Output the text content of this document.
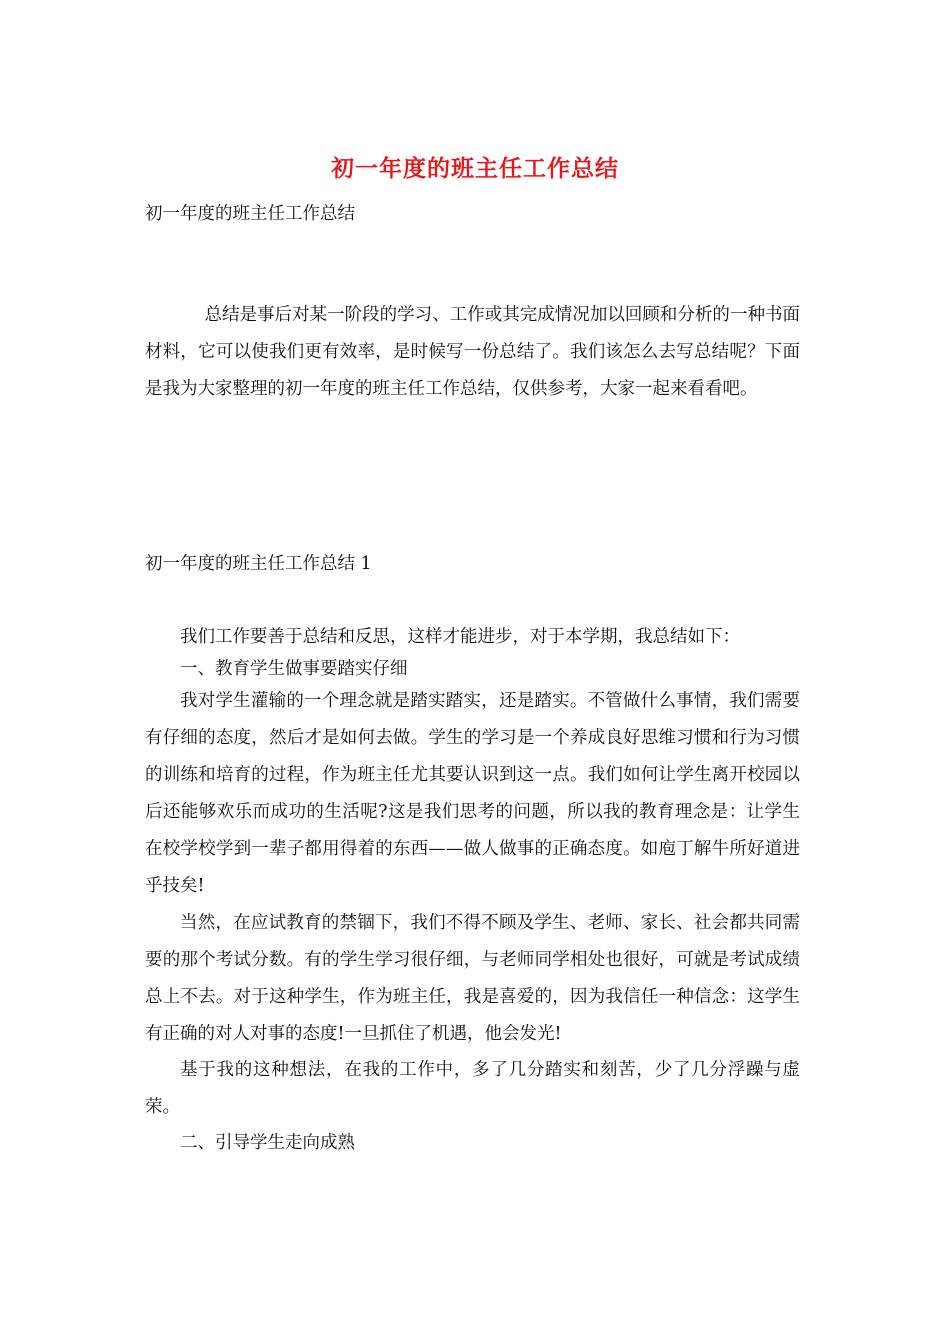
初一年度的班主任工作总结
初一年度的班主任工作总结
总结是事后对某一阶段的学习、工作或其完成情况加以回顾和分析的一种书面材料，它可以使我们更有效率，是时候写一份总结了。我们该怎么去写总结呢？下面是我为大家整理的初一年度的班主任工作总结，仅供参考，大家一起来看看吧。
初一年度的班主任工作总结 1
我们工作要善于总结和反思，这样才能进步，对于本学期，我总结如下：
一、教育学生做事要踏实仔细
我对学生灌输的一个理念就是踏实踏实，还是踏实。不管做什么事情，我们需要有仔细的态度，然后才是如何去做。学生的学习是一个养成良好思维习惯和行为习惯的训练和培育的过程，作为班主任尤其要认识到这一点。我们如何让学生离开校园以后还能够欢乐而成功的生活呢?这是我们思考的问题，所以我的教育理念是：让学生在校学校学到一辈子都用得着的东西——做人做事的正确态度。如庖丁解牛所好道进乎技矣!
当然，在应试教育的禁锢下，我们不得不顾及学生、老师、家长、社会都共同需要的那个考试分数。有的学生学习很仔细，与老师同学相处也很好，可就是考试成绩总上不去。对于这种学生，作为班主任，我是喜爱的，因为我信任一种信念：这学生有正确的对人对事的态度!一旦抓住了机遇，他会发光!
基于我的这种想法，在我的工作中，多了几分踏实和刻苦，少了几分浮躁与虚荣。
二、引导学生走向成熟
